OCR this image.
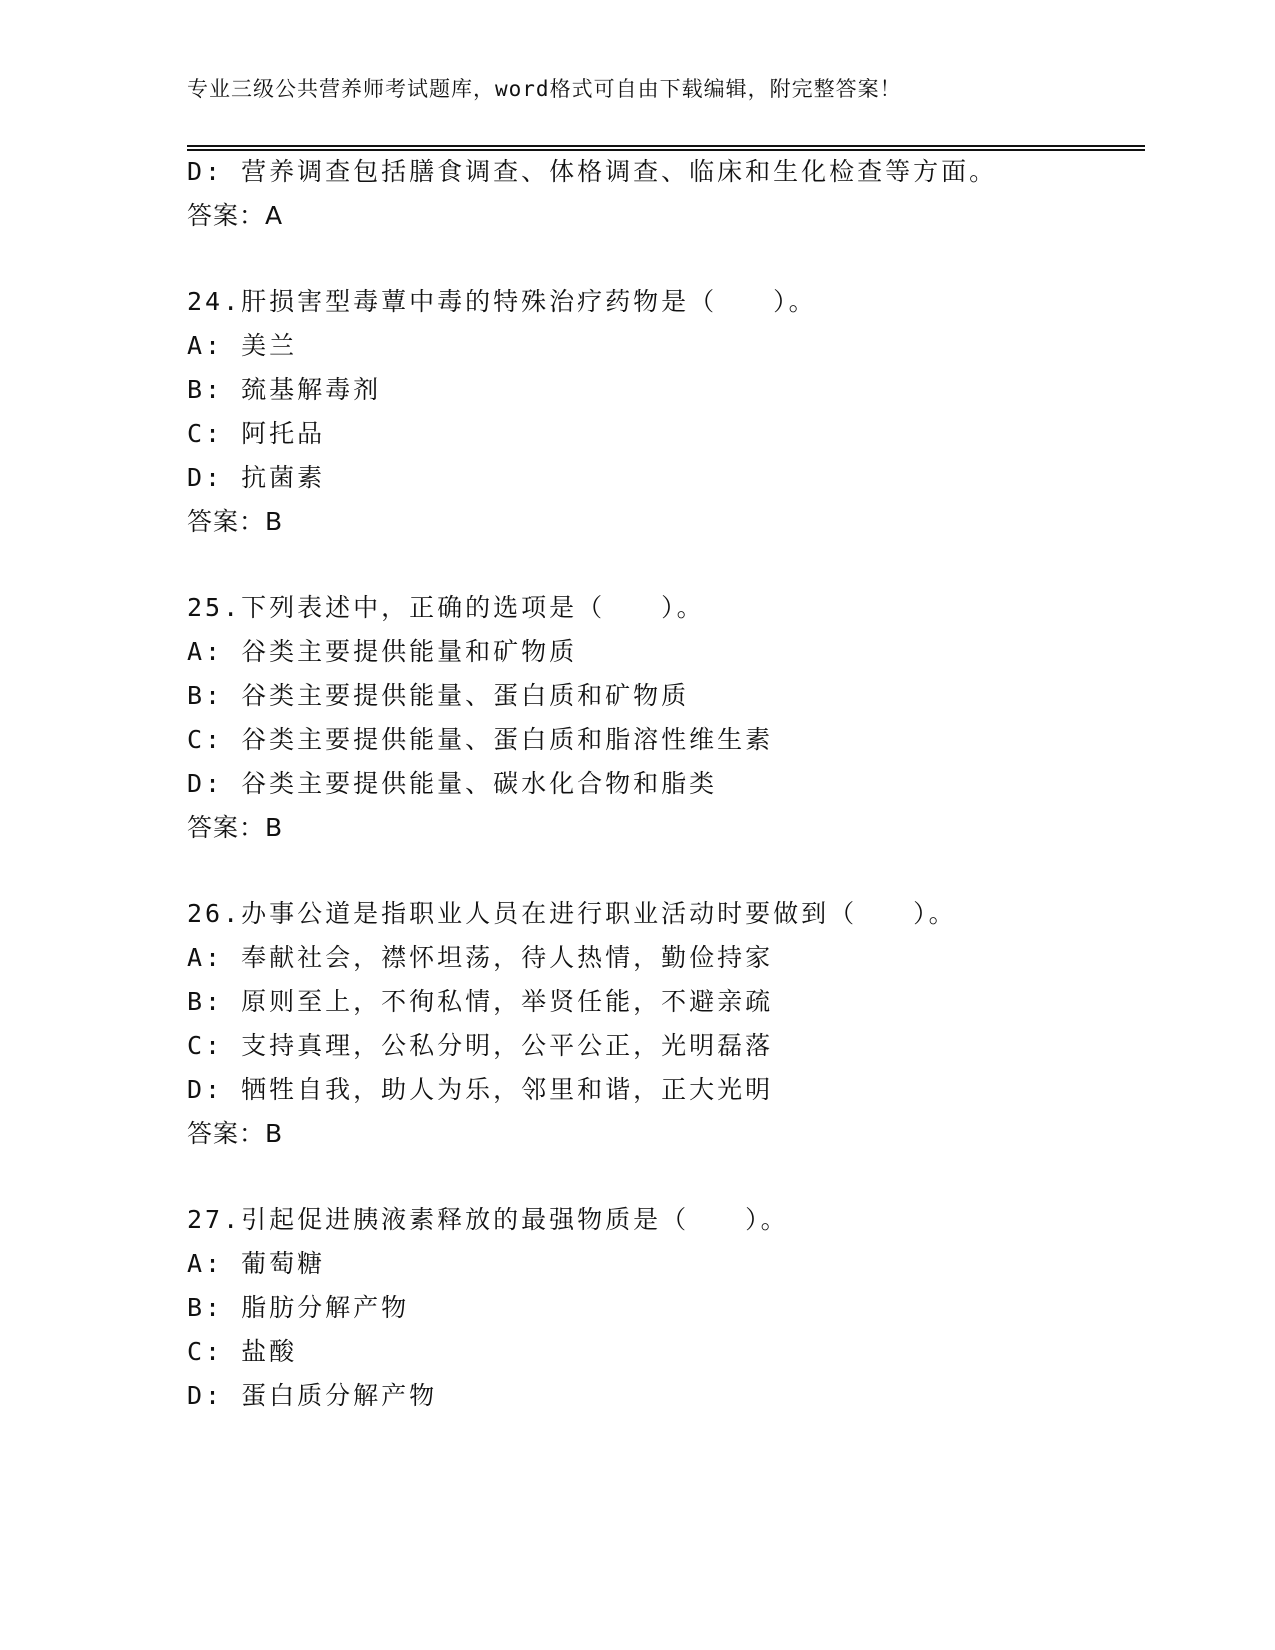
专业三级公共营养师考试题库，word格式可自由下载编辑，附完整答案！
D: 营养调查包括膳食调查、体格调查、临床和生化检查等方面。
答案：A
24.肝损害型毒蕈中毒的特殊治疗药物是（　　）。
A: 美兰
B: 巯基解毒剂
C: 阿托品
D: 抗菌素
答案：B
25.下列表述中，正确的选项是（　　）。
A: 谷类主要提供能量和矿物质
B: 谷类主要提供能量、蛋白质和矿物质
C: 谷类主要提供能量、蛋白质和脂溶性维生素
D: 谷类主要提供能量、碳水化合物和脂类
答案：B
26.办事公道是指职业人员在进行职业活动时要做到（　　）。
A: 奉献社会，襟怀坦荡，待人热情，勤俭持家
B: 原则至上，不徇私情，举贤任能，不避亲疏
C: 支持真理，公私分明，公平公正，光明磊落
D: 牺牲自我，助人为乐，邻里和谐，正大光明
答案：B
27.引起促进胰液素释放的最强物质是（　　）。
A: 葡萄糖
B: 脂肪分解产物
C: 盐酸
D: 蛋白质分解产物
